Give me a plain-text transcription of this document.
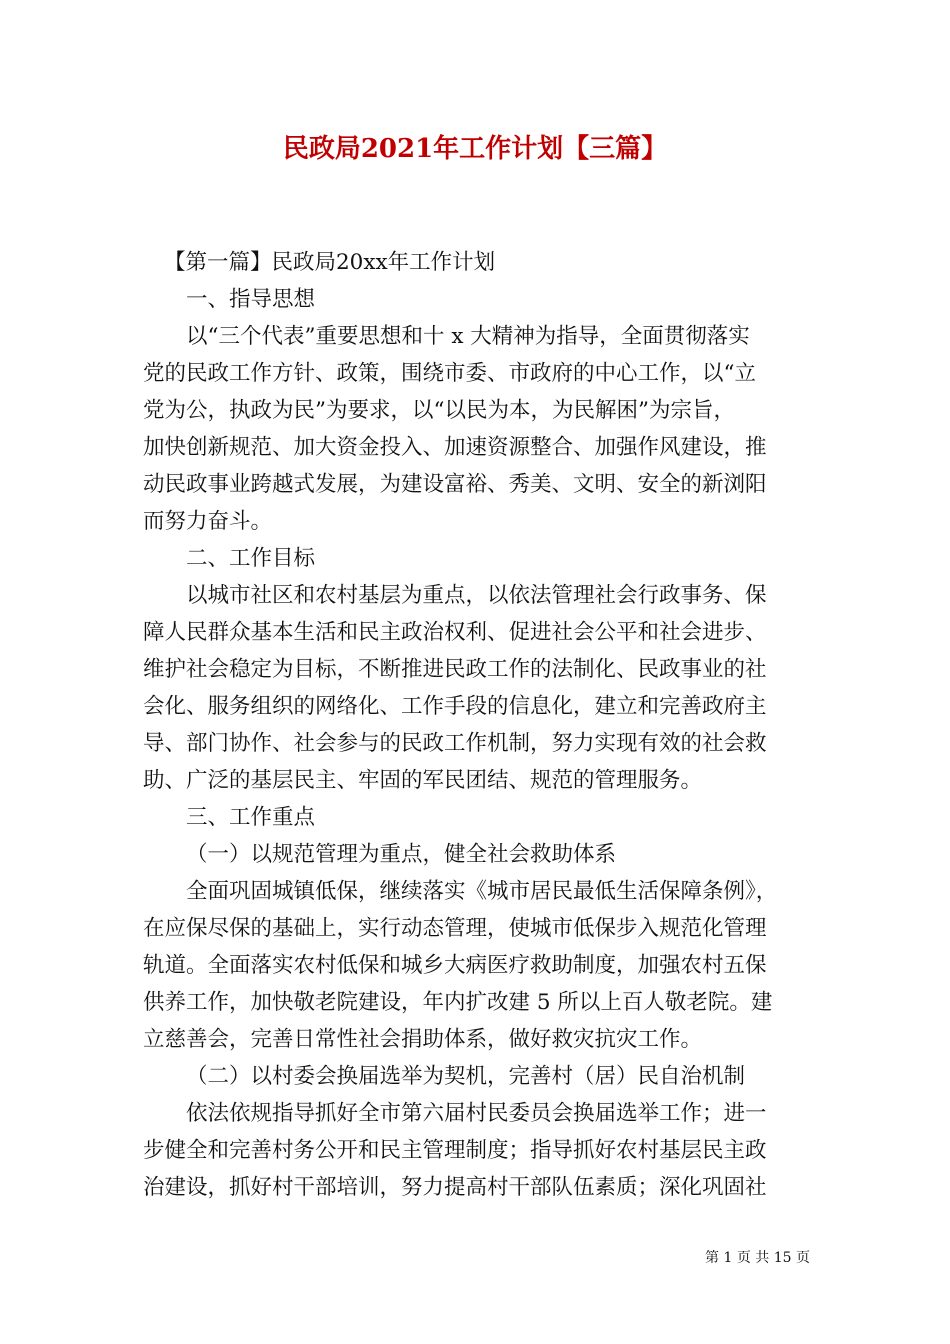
民政局2021年工作计划【三篇】
【第一篇】民政局20xx年工作计划
一、指导思想
以“三个代表”重要思想和十 x 大精神为指导，全面贯彻落实
党的民政工作方针、政策，围绕市委、市政府的中心工作，以“立
党为公，执政为民”为要求，以“以民为本，为民解困”为宗旨，
加快创新规范、加大资金投入、加速资源整合、加强作风建设，推
动民政事业跨越式发展，为建设富裕、秀美、文明、安全的新浏阳
而努力奋斗。
二、工作目标
以城市社区和农村基层为重点，以依法管理社会行政事务、保
障人民群众基本生活和民主政治权利、促进社会公平和社会进步、
维护社会稳定为目标，不断推进民政工作的法制化、民政事业的社
会化、服务组织的网络化、工作手段的信息化，建立和完善政府主
导、部门协作、社会参与的民政工作机制，努力实现有效的社会救
助、广泛的基层民主、牢固的军民团结、规范的管理服务。
三、工作重点
（一）以规范管理为重点，健全社会救助体系
全面巩固城镇低保，继续落实《城市居民最低生活保障条例》，
在应保尽保的基础上，实行动态管理，使城市低保步入规范化管理
轨道。全面落实农村低保和城乡大病医疗救助制度，加强农村五保
供养工作，加快敬老院建设，年内扩改建 5 所以上百人敬老院。建
立慈善会，完善日常性社会捐助体系，做好救灾抗灾工作。
（二）以村委会换届选举为契机，完善村（居）民自治机制
依法依规指导抓好全市第六届村民委员会换届选举工作；进一
步健全和完善村务公开和民主管理制度；指导抓好农村基层民主政
治建设，抓好村干部培训，努力提高村干部队伍素质；深化巩固社
第 1 页 共 15 页
